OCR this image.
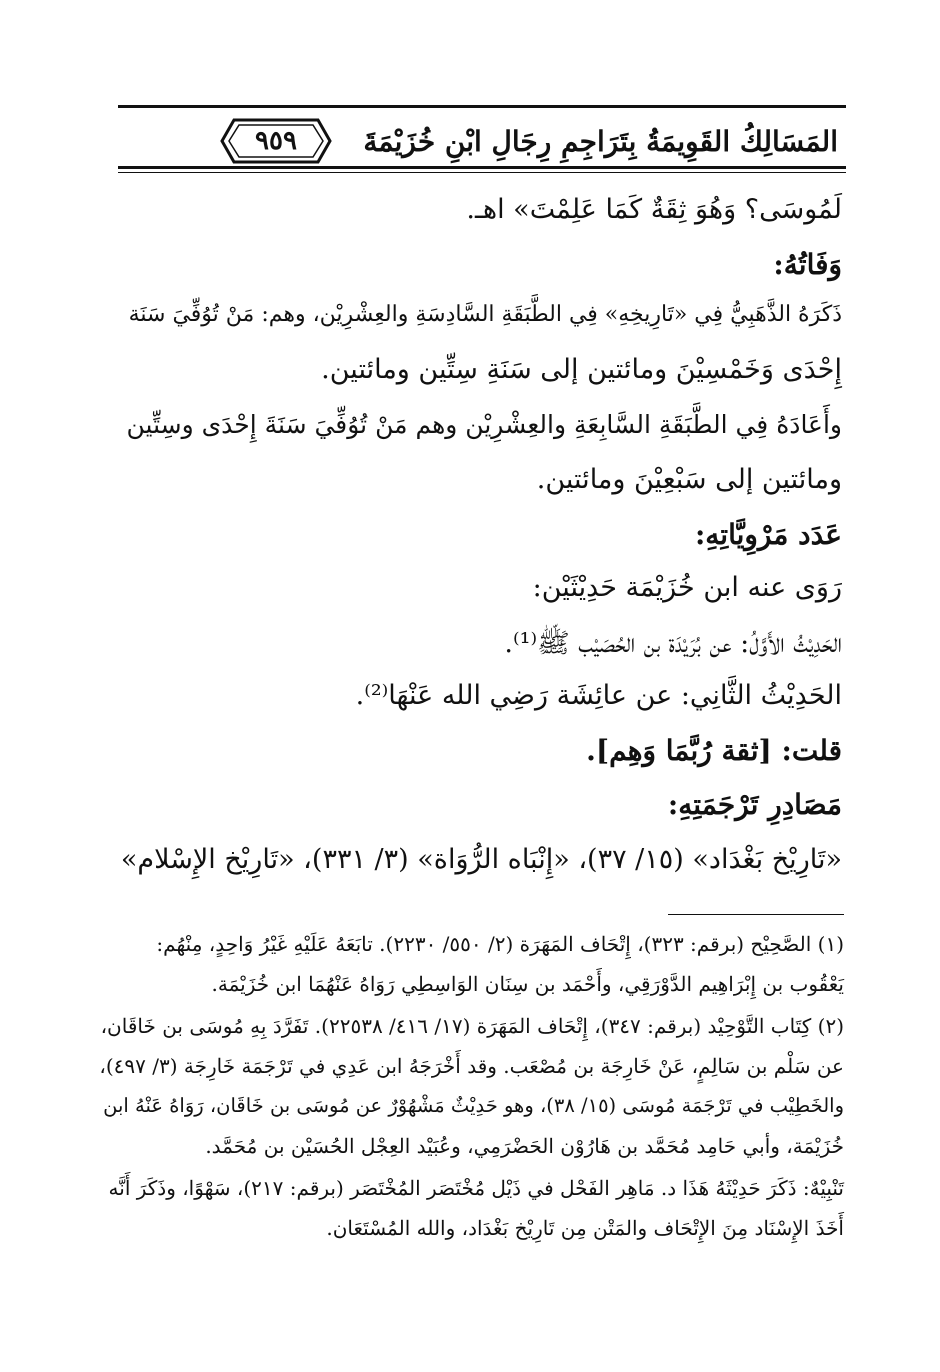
المَسَالِكُ القَوِيمَةُ بِتَرَاجِمِ رِجَالِ ابْنِ خُزَيْمَةَ
٩٥٩
لَمُوسَى؟ وَهُوَ ثِقَةٌ كَمَا عَلِمْتَ» اهـ.
وَفَاتُهُ:
ذَكَرَهُ الذَّهَبِيُّ فِي «تَارِيخِهِ» فِي الطَّبَقَةِ السَّادِسَةِ والعِشْرِيْن، وهم: مَنْ تُوُفِّيَ سَنَة
إِحْدَى وَخَمْسِيْنَ ومائتين إلى سَنَةِ سِتِّين ومائتين.
وأَعَادَهُ فِي الطَّبَقَةِ السَّابِعَةِ والعِشْرِيْن وهم مَنْ تُوُفِّيَ سَنَةَ إِحْدَى وسِتِّين
ومائتين إلى سَبْعِيْنَ ومائتين.
عَدَد مَرْوِيَّاتِهِ:
رَوَى عنه ابن خُزَيْمَة حَدِيْثَيْن:
الحَدِيْثُ الأَوَّلُ: عن بُرَيْدَة بن الحُصَيْب ﷺ⁽¹⁾.
الحَدِيْثُ الثَّانِي: عن عائِشَة رَضِي الله عَنْهَا⁽²⁾.
قلت: [ثقة رُبَّمَا وَهِم].
مَصَادِرِ تَرْجَمَتِهِ:
«تَارِيْخ بَغْدَاد» (١٥/ ٣٧)، «إِنْبَاه الرُّوَاة» (٣/ ٣٣١)، «تَارِيْخ الإِسْلام»
(١) الصَّحِيْح (برقم: ٣٢٣)، إِتْحَاف المَهَرَة (٢/ ٥٥٠/ ٢٢٣٠). تابَعَهُ عَلَيْهِ غَيْرُ وَاحِدٍ، مِنْهُم:
يَعْقُوب بن إِبْرَاهِيم الدَّوْرَقِي، وأَحْمَد بن سِنَان الوَاسِطِي رَوَاهُ عَنْهُمَا ابن خُزَيْمَة.
(٢) كِتَاب التَّوْحِيْد (برقم: ٣٤٧)، إِتْحَاف المَهَرَة (١٧/ ٤١٦/ ٢٢٥٣٨). تَفَرَّدَ بِهِ مُوسَى بن خَاقَان،
عن سَلْم بن سَالِمٍ، عَنْ خَارِجَة بن مُصْعَب. وقد أَخْرَجَهُ ابن عَدِي في تَرْجَمَة خَارِجَة (٣/ ٤٩٧)،
والخَطِيْب في تَرْجَمَة مُوسَى (١٥/ ٣٨)، وهو حَدِيْثٌ مَشْهُوْرٌ عن مُوسَى بن خَاقَان، رَوَاهُ عَنْهُ ابن
خُزَيْمَة، وأبي حَامِد مُحَمَّد بن هَارُوْن الحَضْرَمِي، وعُبَيْد العِجْل الحُسَيْن بن مُحَمَّد.
تَنْبِيْهٌ: ذَكَرَ حَدِيْثَهُ هَذَا د. مَاهِر الفَحْل في ذَيْل مُخْتَصَر المُخْتَصَر (برقم: ٢١٧)، سَهْوًا، وذَكَرَ أَنَّه
أَخَذَ الإِسْنَاد مِنَ الإِتْحَاف والمَتْن مِن تَارِيْخ بَغْدَاد، والله المُسْتَعَان.
